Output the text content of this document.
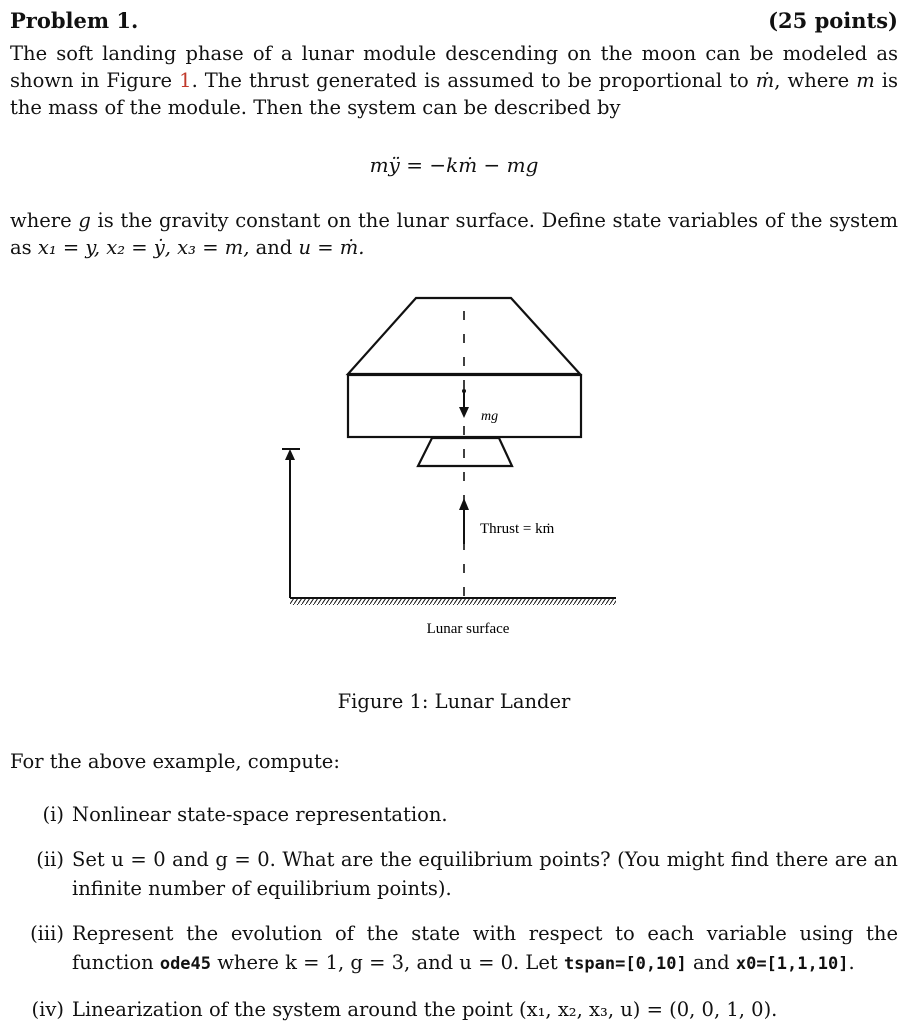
Problem 1.	(25 points)

The soft landing phase of a lunar module descending on the moon can be modeled as shown in Figure 1. The thrust generated is assumed to be proportional to ṁ, where m is the mass of the module. Then the system can be described by

mÿ = −kṁ − mg

where g is the gravity constant on the lunar surface. Define state variables of the system as x₁ = y, x₂ = ẏ, x₃ = m, and u = ṁ.

mg
Thrust = kṁ
Lunar surface
Figure 1: Lunar Lander
For the above example, compute:
(i) Nonlinear state-space representation.
(ii) Set u = 0 and g = 0. What are the equilibrium points? (You might find there are an infinite number of equilibrium points).
(iii) Represent the evolution of the state with respect to each variable using the function ode45 where k = 1, g = 3, and u = 0. Let tspan=[0,10] and x0=[1,1,10].
(iv) Linearization of the system around the point (x₁, x₂, x₃, u) = (0, 0, 1, 0).
